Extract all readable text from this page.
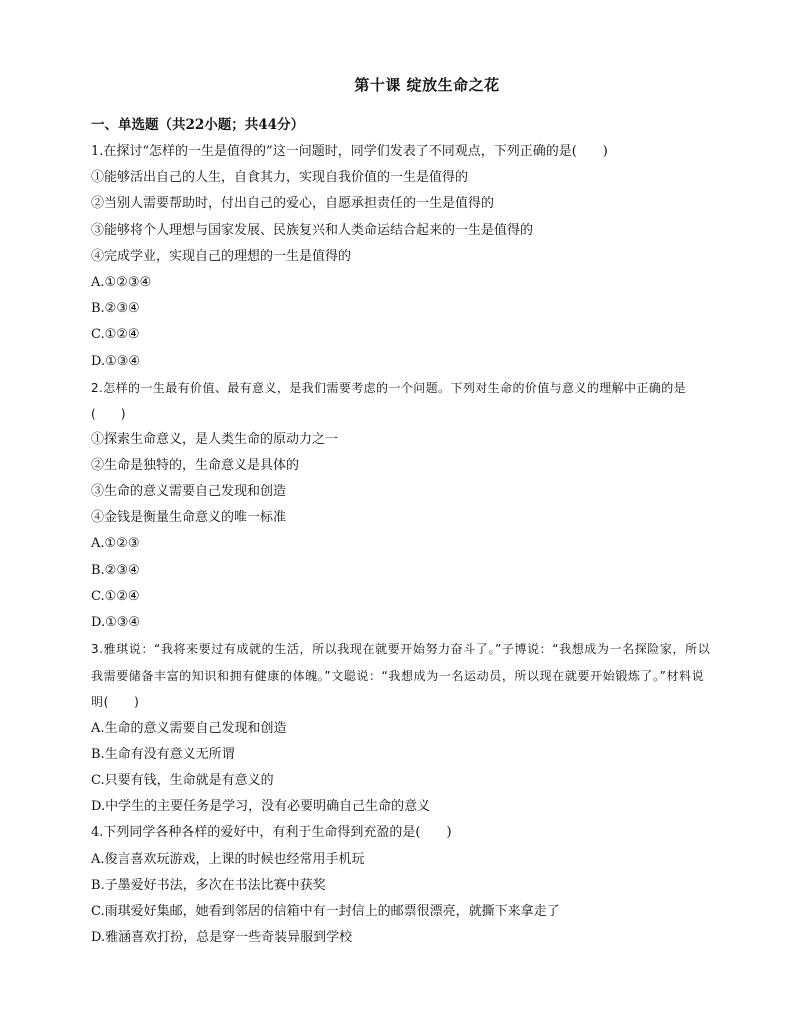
第十课 绽放生命之花
一、单选题（共22小题；共44分）
1.在探讨“怎样的一生是值得的”这一问题时，同学们发表了不同观点，下列正确的是(　　)
①能够活出自己的人生，自食其力，实现自我价值的一生是值得的
②当别人需要帮助时，付出自己的爱心，自愿承担责任的一生是值得的
③能够将个人理想与国家发展、民族复兴和人类命运结合起来的一生是值得的
④完成学业，实现自己的理想的一生是值得的
A.①②③④
B.②③④
C.①②④
D.①③④
2.怎样的一生最有价值、最有意义，是我们需要考虑的一个问题。下列对生命的价值与意义的理解中正确的是(　　)
①探索生命意义，是人类生命的原动力之一
②生命是独特的，生命意义是具体的
③生命的意义需要自己发现和创造
④金钱是衡量生命意义的唯一标准
A.①②③
B.②③④
C.①②④
D.①③④
3.雅琪说：“我将来要过有成就的生活，所以我现在就要开始努力奋斗了。”子博说：“我想成为一名探险家，所以我需要储备丰富的知识和拥有健康的体魄。”文聪说：“我想成为一名运动员，所以现在就要开始锻炼了。”材料说明(　　)
A.生命的意义需要自己发现和创造
B.生命有没有意义无所谓
C.只要有钱，生命就是有意义的
D.中学生的主要任务是学习，没有必要明确自己生命的意义
4.下列同学各种各样的爱好中，有利于生命得到充盈的是(　　)
A.俊言喜欢玩游戏，上课的时候也经常用手机玩
B.子墨爱好书法，多次在书法比赛中获奖
C.雨琪爱好集邮，她看到邻居的信箱中有一封信上的邮票很漂亮，就撕下来拿走了
D.雅涵喜欢打扮，总是穿一些奇装异服到学校
